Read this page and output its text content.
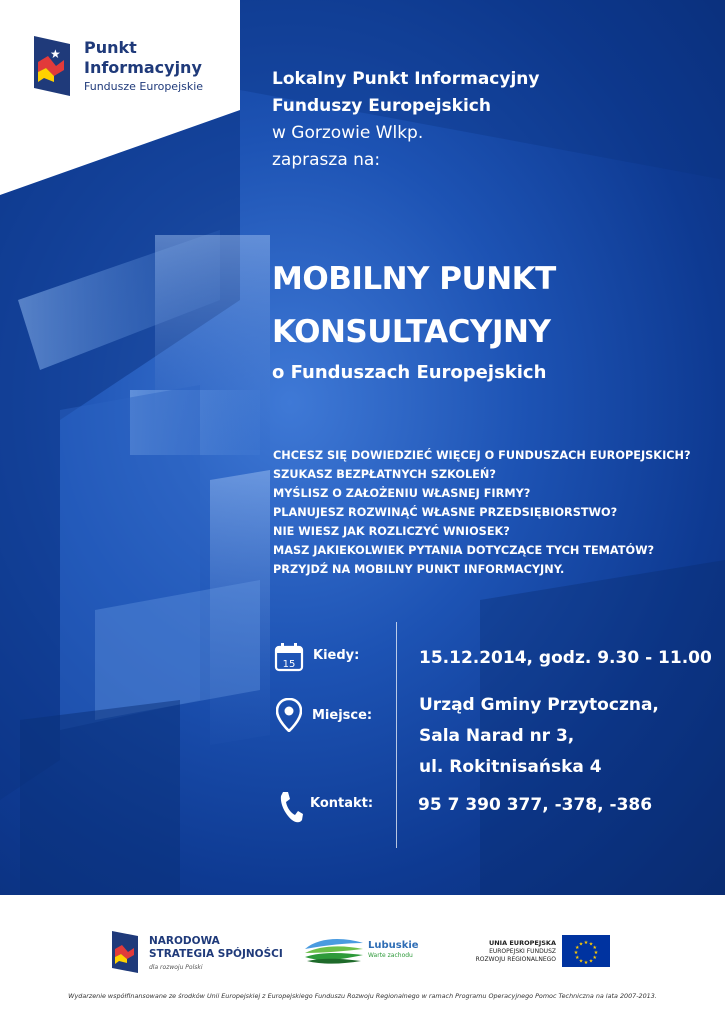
★ Punkt
Informacyjny
Fundusze Europejskie	Lokalny Punkt Informacyjny
Funduszy Europejskich
w Gorzowie Wlkp.
zaprasza na:
MOBILNY PUNKT
KONSULTACYJNY
o Funduszach Europejskich
CHCESZ SIĘ DOWIEDZIEĆ WIĘCEJ O FUNDUSZACH EUROPEJSKICH?
SZUKASZ BEZPŁATNYCH SZKOLEŃ?
MYŚLISZ O ZAŁOŻENIU WŁASNEJ FIRMY?
PLANUJESZ ROZWINĄĆ WŁASNE PRZEDSIĘBIORSTWO?
NIE WIESZ JAK ROZLICZYĆ WNIOSEK?
MASZ JAKIEKOLWIEK PYTANIA DOTYCZĄCE TYCH TEMATÓW?
PRZYJDŹ NA MOBILNY PUNKT INFORMACYJNY.
15
Kiedy:	15.12.2014, godz. 9.30 - 11.00
Miejsce:
Urząd Gminy Przytoczna,
Sala Narad nr 3,
ul. Rokitnisańska 4
Kontakt:	95 7 390 377, -378, -386
NARODOWA
STRATEGIA SPÓJNOŚCI
dla rozwoju Polski
Lubuskie
Warte zachodu
UNIA EUROPEJSKA
EUROPEJSKI FUNDUSZ
ROZWOJU REGIONALNEGO
★ ★
★
★
★
★
★
★
★
★
★
★
Wydarzenie współfinansowane ze środków Unii Europejskiej z Europejskiego Funduszu Rozwoju Regionalnego w ramach Programu Operacyjnego Pomoc Techniczna na lata 2007-2013.
